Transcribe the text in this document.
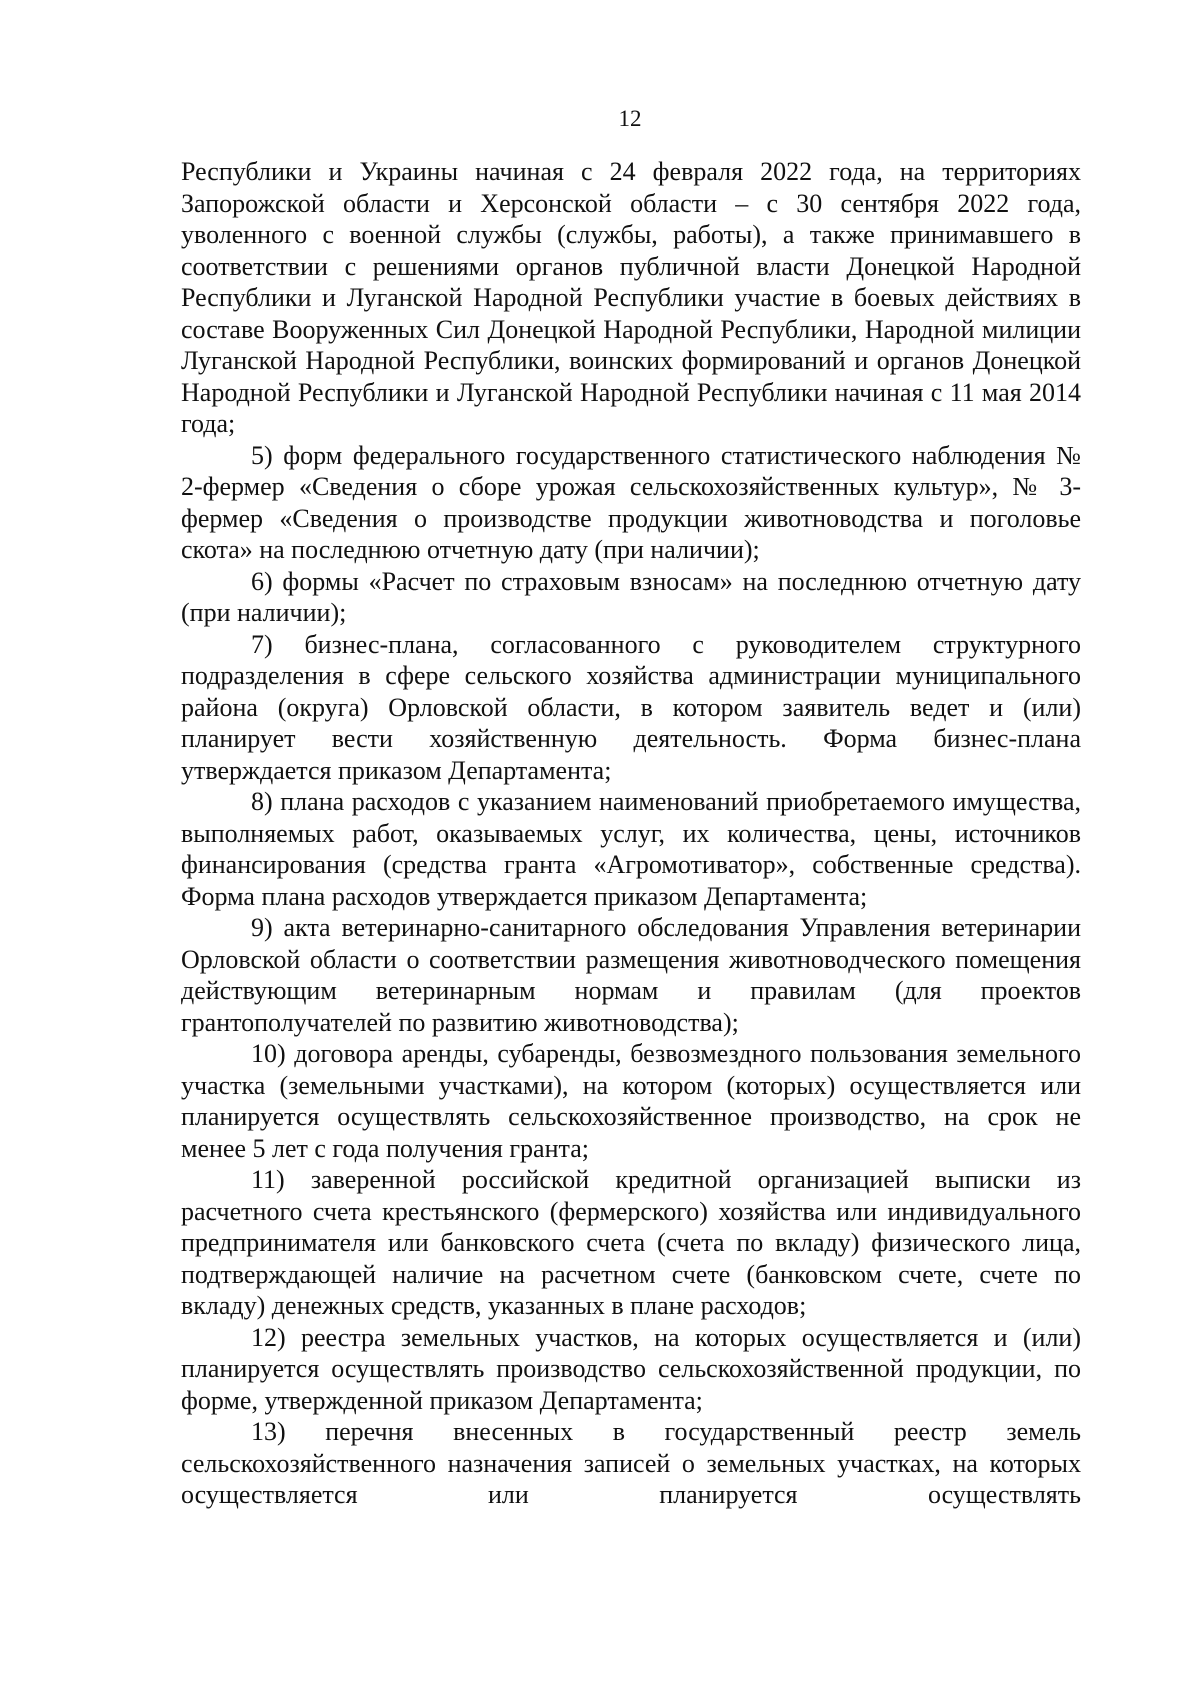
12

Республики и Украины начиная с 24 февраля 2022 года, на территориях Запорожской области и Херсонской области – с 30 сентября 2022 года, уволенного с военной службы (службы, работы), а также принимавшего в соответствии с решениями органов публичной власти Донецкой Народной Республики и Луганской Народной Республики участие в боевых действиях в составе Вооруженных Сил Донецкой Народной Республики, Народной милиции Луганской Народной Республики, воинских формирований и органов Донецкой Народной Республики и Луганской Народной Республики начиная с 11 мая 2014 года;

5) форм федерального государственного статистического наблюдения № 2-фермер «Сведения о сборе урожая сельскохозяйственных культур», № 3-фермер «Сведения о производстве продукции животноводства и поголовье скота» на последнюю отчетную дату (при наличии);

6) формы «Расчет по страховым взносам» на последнюю отчетную дату (при наличии);

7) бизнес-плана, согласованного с руководителем структурного подразделения в сфере сельского хозяйства администрации муниципального района (округа) Орловской области, в котором заявитель ведет и (или) планирует вести хозяйственную деятельность. Форма бизнес-плана утверждается приказом Департамента;

8) плана расходов с указанием наименований приобретаемого имущества, выполняемых работ, оказываемых услуг, их количества, цены, источников финансирования (средства гранта «Агромотиватор», собственные средства). Форма плана расходов утверждается приказом Департамента;

9) акта ветеринарно-санитарного обследования Управления ветеринарии Орловской области о соответствии размещения животноводческого помещения действующим ветеринарным нормам и правилам (для проектов грантополучателей по развитию животноводства);

10) договора аренды, субаренды, безвозмездного пользования земельного участка (земельными участками), на котором (которых) осуществляется или планируется осуществлять сельскохозяйственное производство, на срок не менее 5 лет с года получения гранта;

11) заверенной российской кредитной организацией выписки из расчетного счета крестьянского (фермерского) хозяйства или индивидуального предпринимателя или банковского счета (счета по вкладу) физического лица, подтверждающей наличие на расчетном счете (банковском счете, счете по вкладу) денежных средств, указанных в плане расходов;

12) реестра земельных участков, на которых осуществляется и (или) планируется осуществлять производство сельскохозяйственной продукции, по форме, утвержденной приказом Департамента;

13) перечня внесенных в государственный реестр земель сельскохозяйственного назначения записей о земельных участках, на которых осуществляется или планируется осуществлять
